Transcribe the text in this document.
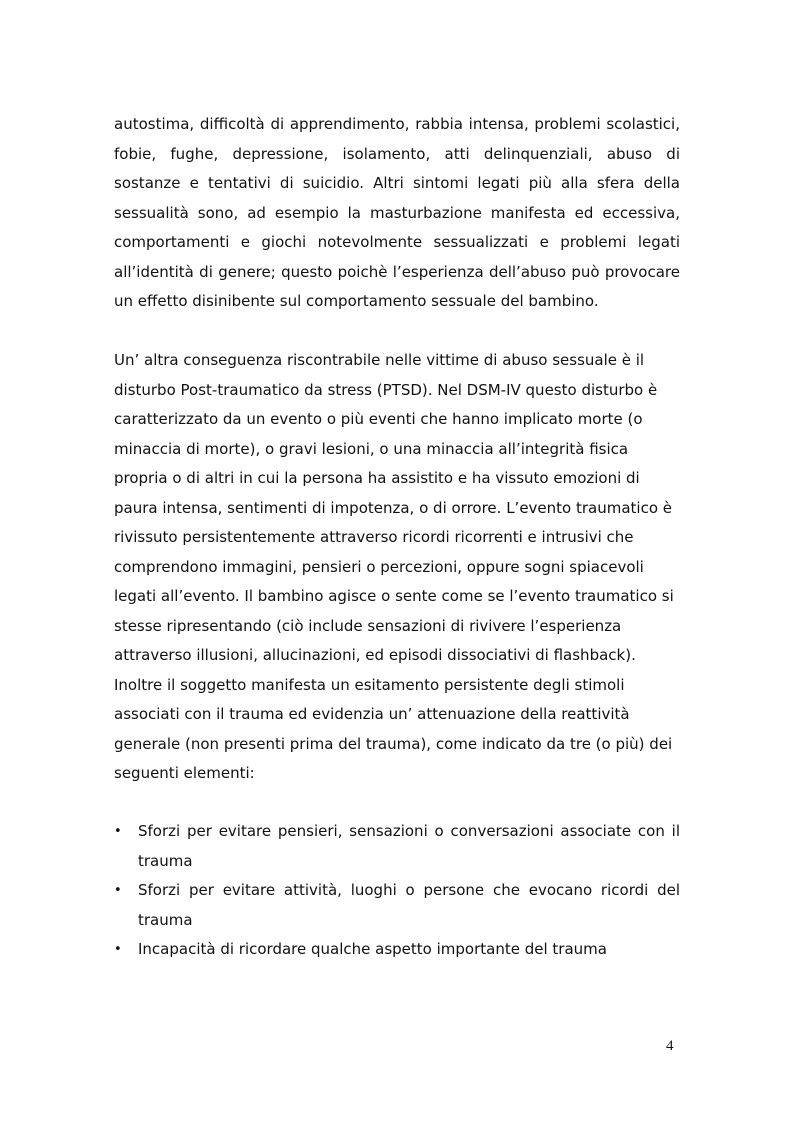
autostima, difficoltà di apprendimento, rabbia intensa, problemi scolastici, fobie, fughe, depressione, isolamento, atti delinquenziali, abuso di sostanze e tentativi di suicidio. Altri sintomi legati più alla sfera della sessualità sono, ad esempio la masturbazione manifesta ed eccessiva, comportamenti e giochi notevolmente sessualizzati e problemi legati all’identità di genere; questo poichè l’esperienza dell’abuso può provocare un effetto disinibente sul comportamento sessuale del bambino.

Un’ altra conseguenza riscontrabile nelle vittime di abuso sessuale è il disturbo Post-traumatico da stress (PTSD). Nel DSM-IV questo disturbo è caratterizzato da un evento o più eventi che hanno implicato morte (o minaccia di morte), o gravi lesioni, o una minaccia all’integrità fisica propria o di altri in cui la persona ha assistito e ha vissuto emozioni di paura intensa, sentimenti di impotenza, o di orrore. L’evento traumatico è rivissuto persistentemente attraverso ricordi ricorrenti e intrusivi che comprendono immagini, pensieri o percezioni, oppure sogni spiacevoli legati all’evento. Il bambino agisce o sente come se l’evento traumatico si stesse ripresentando (ciò include sensazioni di rivivere l’esperienza attraverso illusioni, allucinazioni, ed episodi dissociativi di flashback). Inoltre il soggetto manifesta un esitamento persistente degli stimoli associati con il trauma ed evidenzia un’ attenuazione della reattività generale (non presenti prima del trauma), come indicato da tre (o più) dei seguenti elementi:

•	Sforzi per evitare pensieri, sensazioni o conversazioni associate con il trauma
•	Sforzi per evitare attività, luoghi o persone che evocano ricordi del trauma
•	Incapacità di ricordare qualche aspetto importante del trauma
4
